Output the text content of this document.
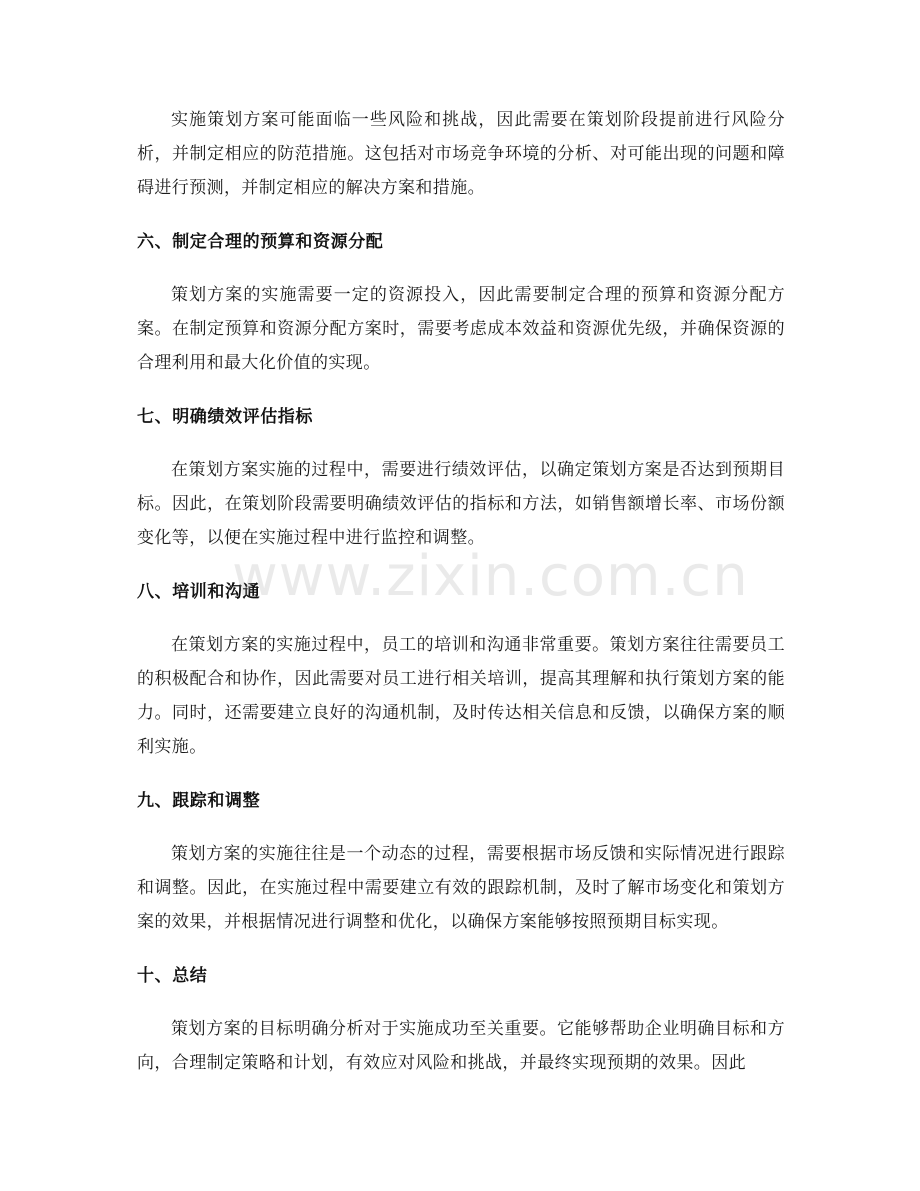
实施策划方案可能面临一些风险和挑战，因此需要在策划阶段提前进行风险分析，并制定相应的防范措施。这包括对市场竞争环境的分析、对可能出现的问题和障碍进行预测，并制定相应的解决方案和措施。

六、制定合理的预算和资源分配

策划方案的实施需要一定的资源投入，因此需要制定合理的预算和资源分配方案。在制定预算和资源分配方案时，需要考虑成本效益和资源优先级，并确保资源的合理利用和最大化价值的实现。

七、明确绩效评估指标

在策划方案实施的过程中，需要进行绩效评估，以确定策划方案是否达到预期目标。因此，在策划阶段需要明确绩效评估的指标和方法，如销售额增长率、市场份额变化等，以便在实施过程中进行监控和调整。

八、培训和沟通

在策划方案的实施过程中，员工的培训和沟通非常重要。策划方案往往需要员工的积极配合和协作，因此需要对员工进行相关培训，提高其理解和执行策划方案的能力。同时，还需要建立良好的沟通机制，及时传达相关信息和反馈，以确保方案的顺利实施。

九、跟踪和调整

策划方案的实施往往是一个动态的过程，需要根据市场反馈和实际情况进行跟踪和调整。因此，在实施过程中需要建立有效的跟踪机制，及时了解市场变化和策划方案的效果，并根据情况进行调整和优化，以确保方案能够按照预期目标实现。

十、总结

策划方案的目标明确分析对于实施成功至关重要。它能够帮助企业明确目标和方向，合理制定策略和计划，有效应对风险和挑战，并最终实现预期的效果。因此

www.zixin.com.cn
